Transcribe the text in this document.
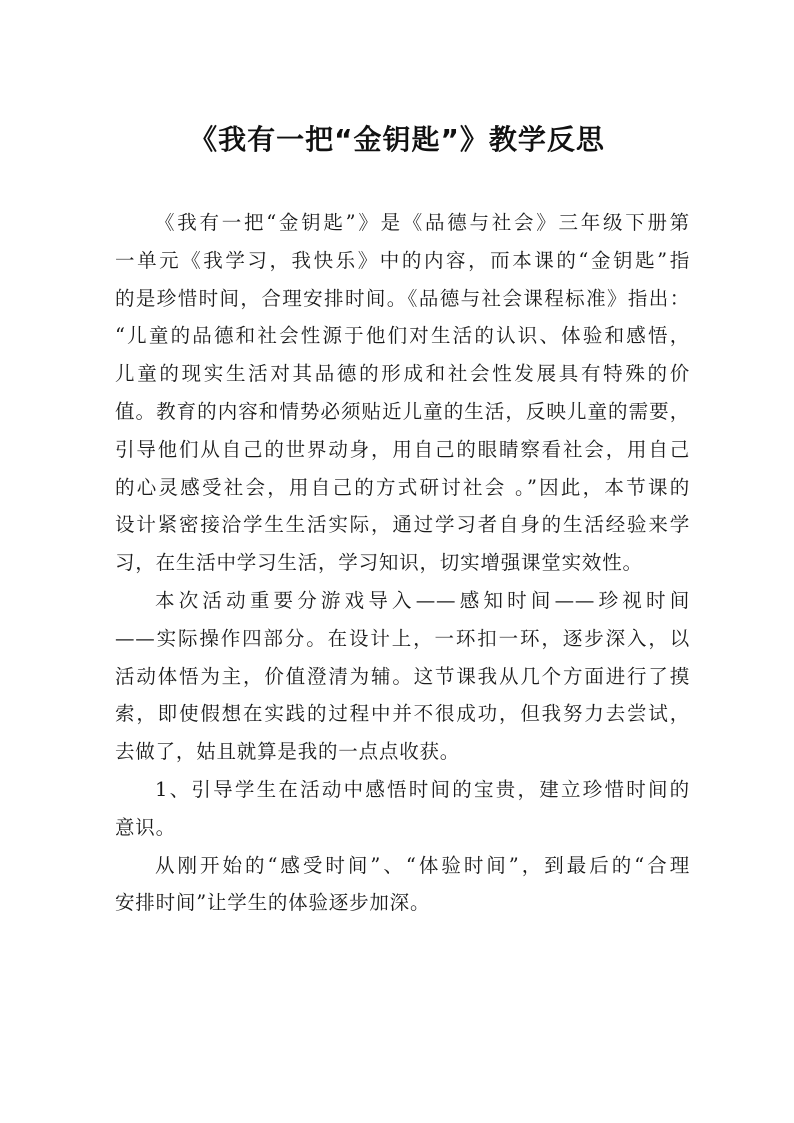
《我有一把“金钥匙”》教学反思

《我有一把“金钥匙”》是《品德与社会》三年级下册第
一单元《我学习，我快乐》中的内容，而本课的“金钥匙”指
的是珍惜时间，合理安排时间。《品德与社会课程标准》指出：
“儿童的品德和社会性源于他们对生活的认识、体验和感悟，
儿童的现实生活对其品德的形成和社会性发展具有特殊的价
值。教育的内容和情势必须贴近儿童的生活，反映儿童的需要，
引导他们从自己的世界动身，用自己的眼睛察看社会，用自己
的心灵感受社会，用自己的方式研讨社会 。”因此，本节课的
设计紧密接洽学生生活实际，通过学习者自身的生活经验来学
习，在生活中学习生活，学习知识，切实增强课堂实效性。

本次活动重要分游戏导入——感知时间——珍视时间
——实际操作四部分。在设计上，一环扣一环，逐步深入，以
活动体悟为主，价值澄清为辅。这节课我从几个方面进行了摸
索，即使假想在实践的过程中并不很成功，但我努力去尝试，
去做了，姑且就算是我的一点点收获。

1、引导学生在活动中感悟时间的宝贵，建立珍惜时间的
意识。

从刚开始的“感受时间”、“体验时间”，到最后的“合理
安排时间”让学生的体验逐步加深。
